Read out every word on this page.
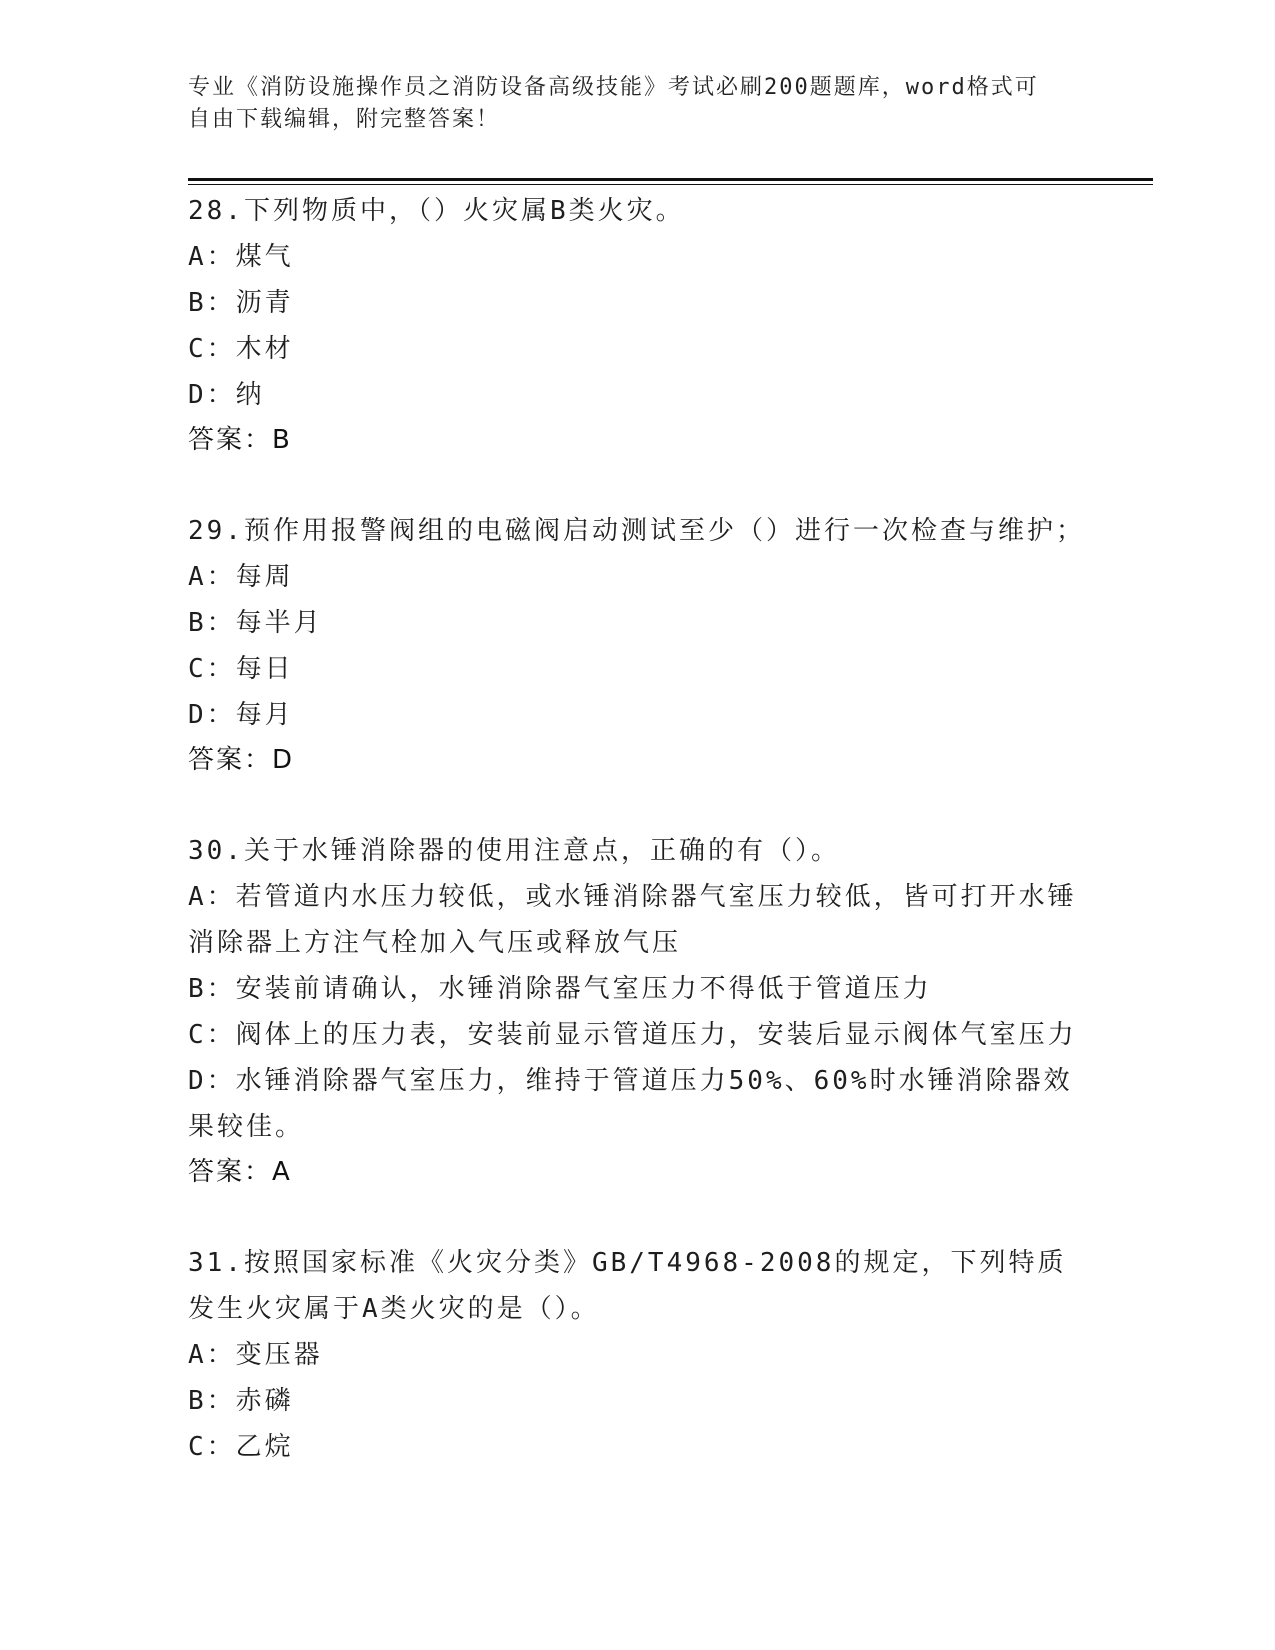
专业《消防设施操作员之消防设备高级技能》考试必刷200题题库，word格式可
自由下载编辑，附完整答案！
28.下列物质中，（）火灾属B类火灾。
A：煤气
B：沥青
C：木材
D：纳
答案：B
29.预作用报警阀组的电磁阀启动测试至少（）进行一次检查与维护；
A：每周
B：每半月
C：每日
D：每月
答案：D
30.关于水锤消除器的使用注意点，正确的有（）。
A：若管道内水压力较低，或水锤消除器气室压力较低，皆可打开水锤消除器上方注气栓加入气压或释放气压
B：安装前请确认，水锤消除器气室压力不得低于管道压力
C：阀体上的压力表，安装前显示管道压力，安装后显示阀体气室压力
D：水锤消除器气室压力，维持于管道压力50%、60%时水锤消除器效果较佳。
答案：A
31.按照国家标准《火灾分类》GB/T4968-2008的规定，下列特质发生火灾属于A类火灾的是（）。
A：变压器
B：赤磷
C：乙烷
